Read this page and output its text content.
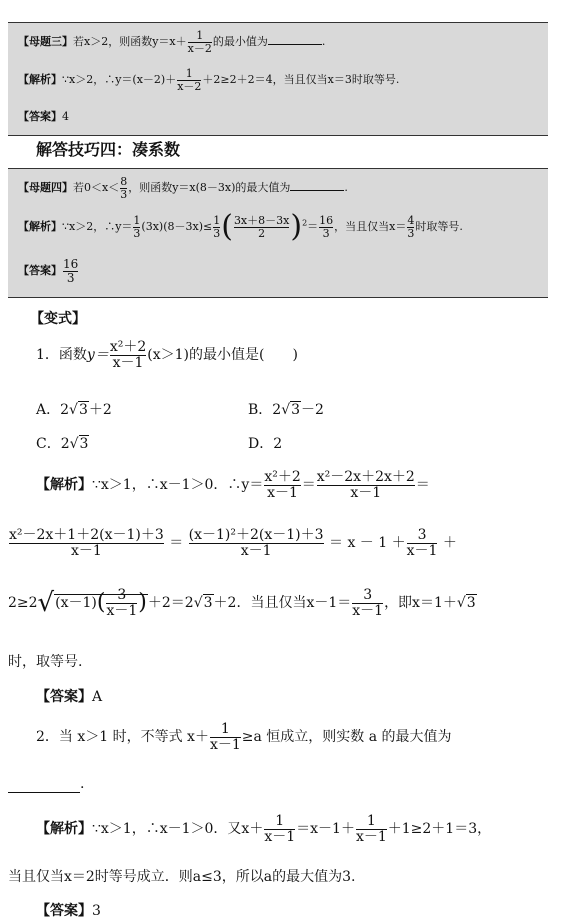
【母题三】若x＞2，则函数$y=x+ \frac{1}{x-2}$ 的最小值为	.
【解析】∵x＞2，∴y＝(x－2)＋ $\frac{1}{x-2} +2\ge 2+2=4$，当且仅当x＝3时取等号.
【答案】4
解答技巧四：凑系数
【母题四】若$0<x< \frac{8}{3}$ ，则函数y＝x(8－3x)的最大值为	.
【解析】∵x＞2，∴y＝ $\frac{1}{3} (3x)(8-3x)\le \frac{1}{3}$ ( $\frac{3x+8-3x}{2} )^2= \frac{16}{3}$ ，当且仅当$x= \frac{4}{3}$ 时取等号.
【答案】 $\frac{16}{3}$
【变式】
1．函数$y= \frac{\text{x²＋2}}{x-1} (x>1)$的最小值是(　　)
A．2√3＋2	B．2√3－2
C．2√3	D．2
【解析】∵x＞1，∴x－1＞0．∴y＝ $\frac{\text{x²＋2}}{x-1} = \frac{\text{x²－2x＋2x＋2}}{x-1}$ ＝
$\frac{\text{x²－2x＋1＋2(x－1)＋3}}{x-1} = \frac{\text{(x－1)²＋2(x－1)＋3}}{x-1} = x - 1 + \frac{3}{x-1}$ ＋
$2\ge 2√(x-1)( \frac{3}{x-1} )+2=2√3+2$．当且仅当$x-1= \frac{3}{x-1}$ ，即x＝1＋√3
时，取等号.
【答案】A
2．当 x＞1 时，不等式 $x+ \frac{1}{x-1} \ge a$ 恒成立，则实数 a 的最大值为
.
【解析】∵x＞1，∴x－1＞0．又$x+ \frac{1}{x-1} =x-1+ \frac{1}{x-1} +1\ge 2+1=3$，
当且仅当x＝2时等号成立．则a≤3，所以a的最大值为3.
【答案】3
